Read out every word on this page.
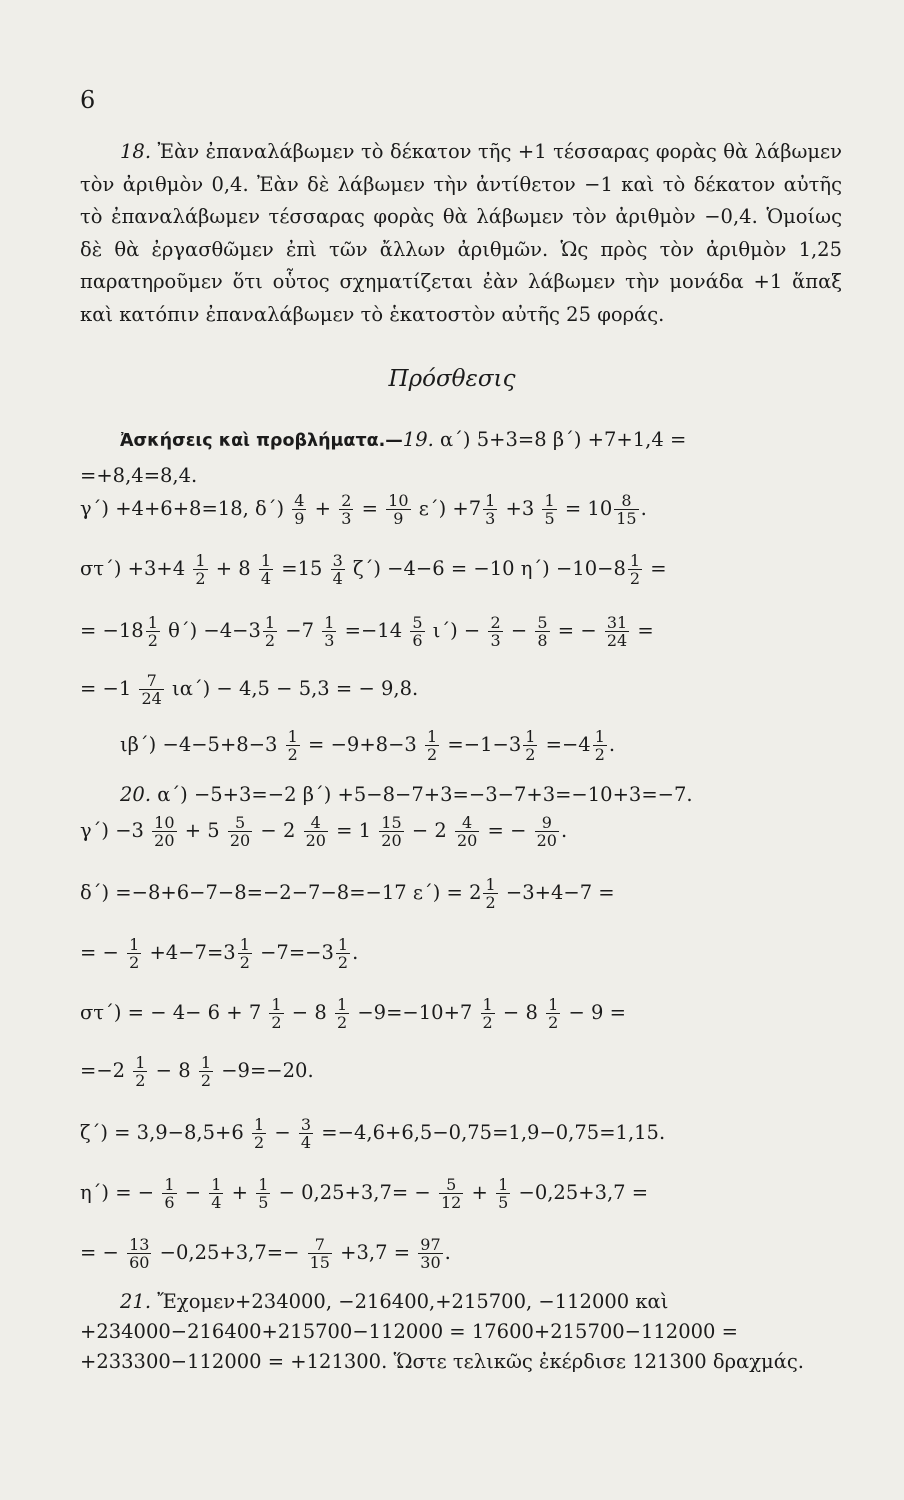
6
18. Ἐὰν ἐπαναλάβωμεν τὸ δέκατον τῆς +1 τέσσαρας φορὰς θὰ λάβωμεν τὸν ἀριθμὸν 0,4. Ἐὰν δὲ λάβωμεν τὴν ἀντίθετον −1 καὶ τὸ δέκατον αὐτῆς τὸ ἐπαναλάβωμεν τέσσαρας φορὰς θὰ λάβωμεν τὸν ἀριθμὸν −0,4. Ὁμοίως δὲ θὰ ἐργασθῶμεν ἐπὶ τῶν ἄλλων ἀριθμῶν. Ὡς πρὸς τὸν ἀριθμὸν 1,25 παρατηροῦμεν ὅτι οὗτος σχηματίζεται ἐὰν λάβωμεν τὴν μονάδα +1 ἅπαξ καὶ κατόπιν ἐπαναλάβωμεν τὸ ἑκατοστὸν αὐτῆς 25 φοράς.
Πρόσθεσις
Ἀσκήσεις καὶ προβλήματα.—19. α΄) 5+3=8 β΄) +7+1,4 =
=+8,4=8,4.
γ΄) +4+6+8=18, $\delta΄) \frac{4}{9} + \frac{2}{3} = \frac{10}{9} \varepsilon΄) +7 \frac{1}{3} +3 \frac{1}{5} = 10 \frac{8}{15}$ .
$\sigma\tau΄) +3+4 \frac{1}{2} + 8 \frac{1}{4} =15 \frac{3}{4} \zeta΄) -4-6 = -10$ $\eta΄) -10-8 \frac{1}{2}$ =
= $-18 \frac{1}{2} \theta΄) -4-3 \frac{1}{2} -7 \frac{1}{3} =-14 \frac{5}{6} \iota΄) - \frac{2}{3} - \frac{5}{8}$ = − $\frac{31}{24}$ =
= $-1 \frac{7}{24} \iota\alpha΄) - 4,5 - 5,3$ = − 9,8.
$\iota\beta΄) -4-5+8-3 \frac{1}{2} = -9+8-3 \frac{1}{2} =-1-3 \frac{1}{2} =-4 \frac{1}{2}$ .
20. α΄) −5+3=−2 β΄) +5−8−7+3=−3−7+3=−10+3=−7.
$\gamma΄) -3 \frac{10}{20} + 5 \frac{5}{20} - 2 \frac{4}{20} = 1 \frac{15}{20} - 2 \frac{4}{20}$ = − $\frac{9}{20}$ .
δ΄) =−8+6−7−8=−2−7−8=−17 $\varepsilon΄) = 2 \frac{1}{2} -3+4-7$ =
= − $\frac{1}{2} +4-7=3 \frac{1}{2} -7=-3 \frac{1}{2}$ .
στ΄) = − $4- 6 + 7 \frac{1}{2} - 8 \frac{1}{2} -9=-10+7 \frac{1}{2} - 8 \frac{1}{2} - 9$ =
$=-2 \frac{1}{2} - 8 \frac{1}{2} -9=-20$.
$\zeta΄) = 3,9-8,5+6 \frac{1}{2} - \frac{3}{4} =-4,6+6,5-0,75=1,9-0,75=1,15$.
η΄) = − $\frac{1}{6} - \frac{1}{4} + \frac{1}{5} - 0,25+3,7= - \frac{5}{12} + \frac{1}{5} -0,25+3,7$ =
= − $\frac{13}{60} -0,25+3,7=- \frac{7}{15} +3,7 = \frac{97}{30}$ .
21. Ἔχομεν+234000, −216400,+215700, −112000 καὶ
+234000−216400+215700−112000 = 17600+215700−112000 =
+233300−112000 = +121300. Ὥστε τελικῶς ἐκέρδισε 121300 δραχμάς.
